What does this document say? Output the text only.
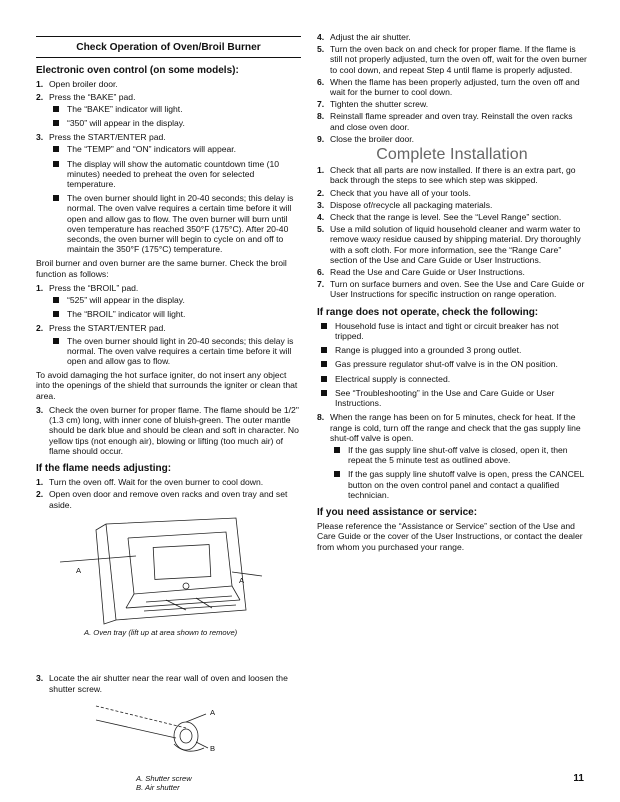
Check Operation of Oven/Broil Burner
Electronic oven control (on some models):
1. Open broiler door.
2. Press the “BAKE” pad.
The “BAKE” indicator will light.
“350” will appear in the display.
3. Press the START/ENTER pad.
The “TEMP” and “ON” indicators will appear.
The display will show the automatic countdown time (10 minutes) needed to preheat the oven for selected temperature.
The oven burner should light in 20-40 seconds; this delay is normal. The oven valve requires a certain time before it will open and allow gas to flow. The oven burner will burn until oven temperature has reached 350°F (175°C). After 20-40 seconds, the oven burner will begin to cycle on and off to maintain the 350°F (175°C) temperature.

Broil burner and oven burner are the same burner. Check the broil function as follows:

1. Press the “BROIL” pad.
“525” will appear in the display.
The “BROIL” indicator will light.
2. Press the START/ENTER pad.
The oven burner should light in 20-40 seconds; this delay is normal. The oven valve requires a certain time before it will open and allow gas to flow.

To avoid damaging the hot surface igniter, do not insert any object into the openings of the shield that surrounds the igniter or clean that area.

3. Check the oven burner for proper flame. The flame should be 1/2" (1.3 cm) long, with inner cone of bluish-green. The outer mantle should be dark blue and should be clean and soft in character. No yellow tips (not enough air), blowing or lifting (too much air) of flame should occur.
If the flame needs adjusting:
1. Turn the oven off. Wait for the oven burner to cool down.
2. Open oven door and remove oven racks and oven tray and set aside.
A
A
A. Oven tray (lift up at area shown to remove)
3. Locate the air shutter near the rear wall of oven and loosen the shutter screw.
A
B
A. Shutter screw
B. Air shutter
4. Adjust the air shutter.
5. Turn the oven back on and check for proper flame. If the flame is still not properly adjusted, turn the oven off, wait for the oven burner to cool down, and repeat Step 4 until flame is properly adjusted.
6. When the flame has been properly adjusted, turn the oven off and wait for the burner to cool down.
7. Tighten the shutter screw.
8. Reinstall flame spreader and oven tray. Reinstall the oven racks and close oven door.
9. Close the broiler door.
Complete Installation
1. Check that all parts are now installed. If there is an extra part, go back through the steps to see which step was skipped.
2. Check that you have all of your tools.
3. Dispose of/recycle all packaging materials.
4. Check that the range is level. See the “Level Range” section.
5. Use a mild solution of liquid household cleaner and warm water to remove waxy residue caused by shipping material. Dry thoroughly with a soft cloth. For more information, see the “Range Care” section of the Use and Care Guide or User Instructions.
6. Read the Use and Care Guide or User Instructions.
7. Turn on surface burners and oven. See the Use and Care Guide or User Instructions for specific instruction on range operation.
If range does not operate, check the following:
Household fuse is intact and tight or circuit breaker has not tripped.
Range is plugged into a grounded 3 prong outlet.
Gas pressure regulator shut-off valve is in the ON position.
Electrical supply is connected.
See “Troubleshooting” in the Use and Care Guide or User Instructions.
8. When the range has been on for 5 minutes, check for heat. If the range is cold, turn off the range and check that the gas supply line shut-off valve is open.
If the gas supply line shut-off valve is closed, open it, then repeat the 5 minute test as outlined above.
If the gas supply line shutoff valve is open, press the CANCEL button on the oven control panel and contact a qualified technician.
If you need assistance or service:

Please reference the “Assistance or Service” section of the Use and Care Guide or the cover of the User Instructions, or contact the dealer from whom you purchased your range.

11
